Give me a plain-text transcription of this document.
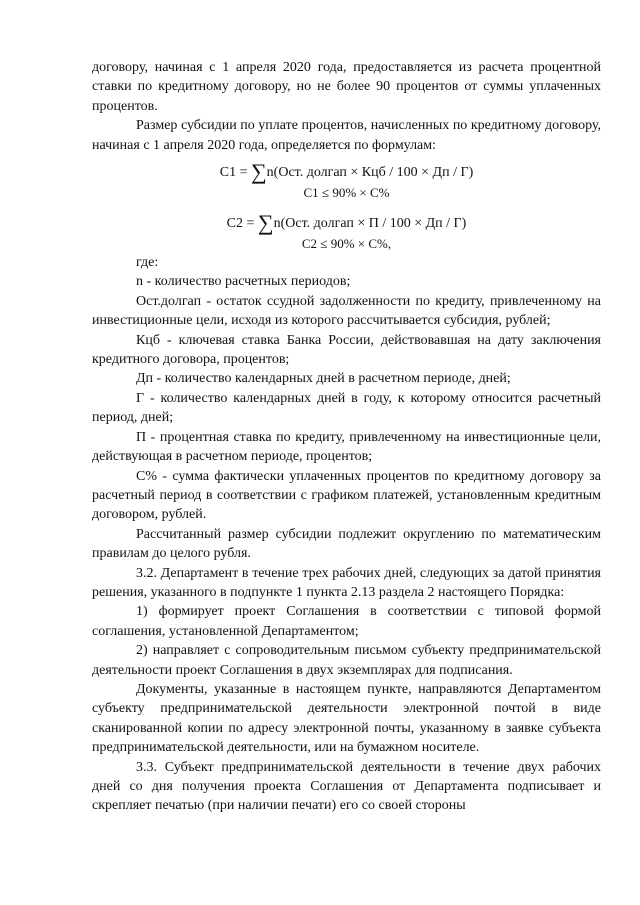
договору, начиная с 1 апреля 2020 года, предоставляется из расчета процентной ставки по кредитному договору, но не более 90 процентов от суммы уплаченных процентов.

Размер субсидии по уплате процентов, начисленных по кредитному договору, начиная с 1 апреля 2020 года, определяется по формулам:

C1 = ∑n(Ост. долгап × Кцб / 100 × Дп / Г)

C1 ≤ 90% × С%

C2 = ∑n(Ост. долгап × П / 100 × Дп / Г)

C2 ≤ 90% × С%,

где:

n - количество расчетных периодов;

Ост.долгап - остаток ссудной задолженности по кредиту, привлеченному на инвестиционные цели, исходя из которого рассчитывается субсидия, рублей;

Кцб - ключевая ставка Банка России, действовавшая на дату заключения кредитного договора, процентов;

Дп - количество календарных дней в расчетном периоде, дней;

Г - количество календарных дней в году, к которому относится расчетный период, дней;

П - процентная ставка по кредиту, привлеченному на инвестиционные цели, действующая в расчетном периоде, процентов;

С% - сумма фактически уплаченных процентов по кредитному договору за расчетный период в соответствии с графиком платежей, установленным кредитным договором, рублей.

Рассчитанный размер субсидии подлежит округлению по математическим правилам до целого рубля.

3.2. Департамент в течение трех рабочих дней, следующих за датой принятия решения, указанного в подпункте 1 пункта 2.13 раздела 2 настоящего Порядка:

1) формирует проект Соглашения в соответствии с типовой формой соглашения, установленной Департаментом;

2) направляет с сопроводительным письмом субъекту предпринимательской деятельности проект Соглашения в двух экземплярах для подписания.

Документы, указанные в настоящем пункте, направляются Департаментом субъекту предпринимательской деятельности электронной почтой в виде сканированной копии по адресу электронной почты, указанному в заявке субъекта предпринимательской деятельности, или на бумажном носителе.

3.3. Субъект предпринимательской деятельности в течение двух рабочих дней со дня получения проекта Соглашения от Департамента подписывает и скрепляет печатью (при наличии печати) его со своей стороны
